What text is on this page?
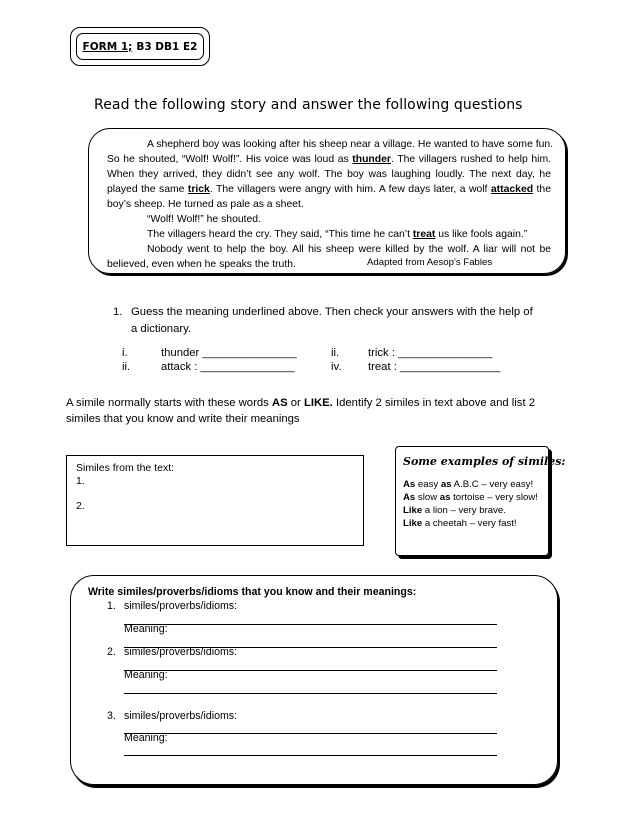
FORM 1; B3 DB1 E2
Read the following story and answer the following questions
A shepherd boy was looking after his sheep near a village. He wanted to have some fun.
So he shouted, “Wolf! Wolf!”. His voice was loud as thunder. The villagers rushed to help him.
When they arrived, they didn’t see any wolf. The boy was laughing loudly. The next day, he
played the same trick. The villagers were angry with him. A few days later, a wolf attacked the
boy’s sheep. He turned as pale as a sheet.
“Wolf! Wolf!” he shouted.
The villagers heard the cry. They said, “This time he can’t treat us like fools again.”
Nobody went to help the boy. All his sheep were killed by the wolf. A liar will not be
believed, even when he speaks the truth.	Adapted from Aesop’s Fables
1. Guess the meaning underlined above. Then check your answers with the help of
a dictionary.
i.	thunder _______________	ii.	trick : _______________
ii.	attack : _______________	iv. treat : ________________
A simile normally starts with these words AS or LIKE. Identify 2 similes in text above and list 2
similes that you know and write their meanings
Similes from the text:
1.
2.
Some examples of similes:
As easy as A.B.C – very easy!
As slow as tortoise – very slow!
Like a lion – very brave.
Like a cheetah – very fast!
Write similes/proverbs/idioms that you know and their meanings:
1. similes/proverbs/idioms:
Meaning:
2. similes/proverbs/idioms:
Meaning:
3. similes/proverbs/idioms:
Meaning:
